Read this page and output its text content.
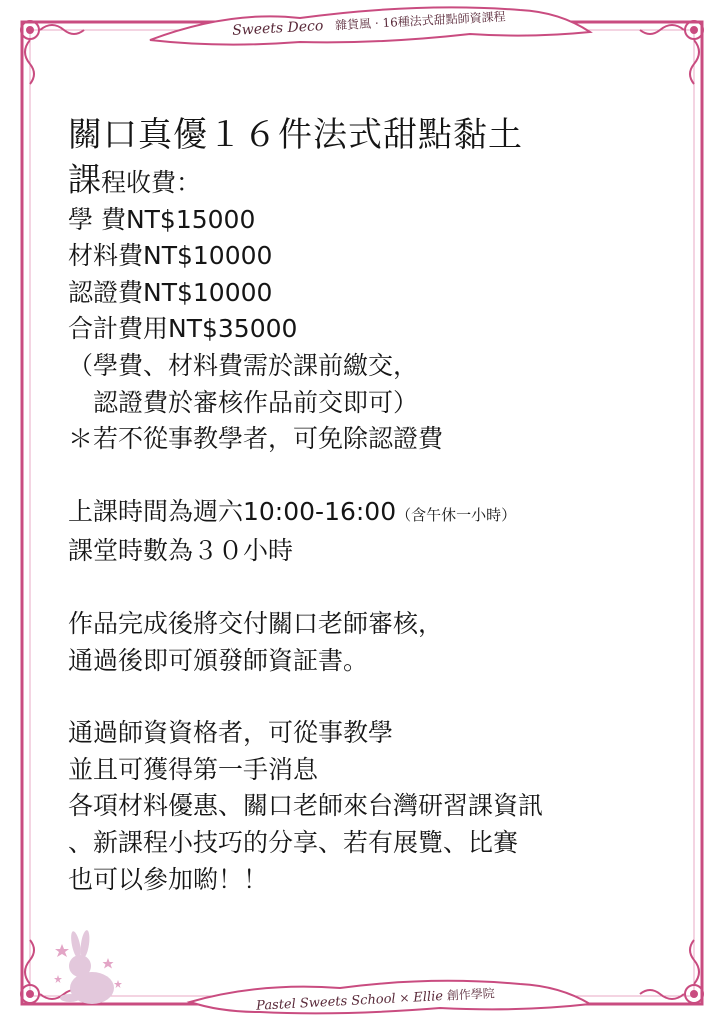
Sweets Deco 雜貨風 · 16種法式甜點師資課程

關口真優１６件法式甜點黏土

課程收費：

學 費NT$15000

材料費NT$10000

認證費NT$10000

合計費用NT$35000

（學費、材料費需於課前繳交，

　認證費於審核作品前交即可）

＊若不從事教學者，可免除認證費

上課時間為週六10:00-16:00（含午休一小時）

課堂時數為３０小時

作品完成後將交付關口老師審核，

通過後即可頒發師資証書。

通過師資資格者，可從事教學

並且可獲得第一手消息

各項材料優惠、關口老師來台灣研習課資訊

、新課程小技巧的分享、若有展覽、比賽

也可以參加喲！！

Pastel Sweets School × Ellie 創作學院
